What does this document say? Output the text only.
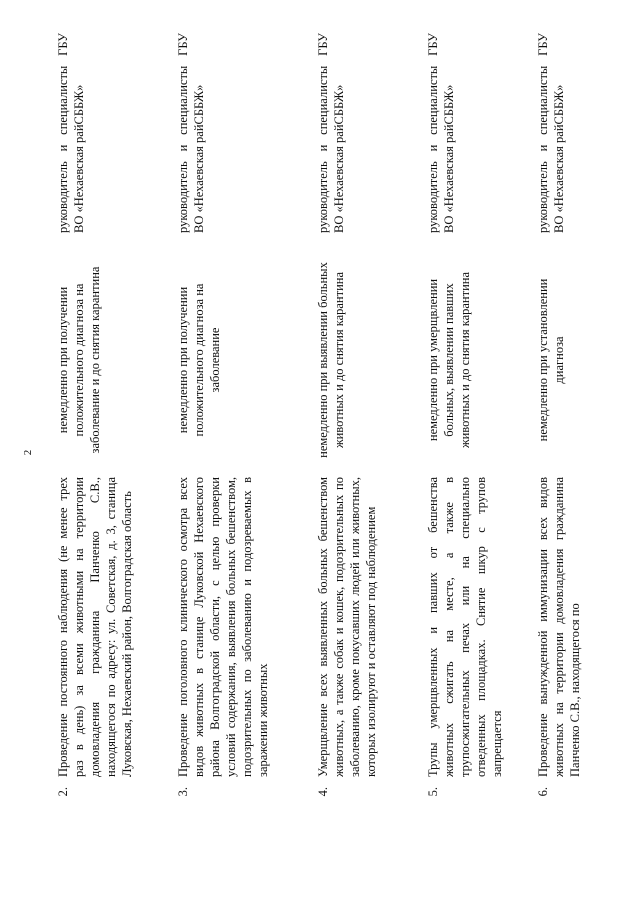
2
2.	Проведение постоянного наблюдения (не менее трех раз в день) за всеми животными на территории домовладения гражданина Панченко С.В., находящегося по адресу: ул. Советская, д. 3, станица Луковская, Нехаевский район, Волгоградская область	немедленно при получении положительного диагноза на заболевание и до снятия карантина	руководитель и специалисты ГБУ ВО «Нехаевская райСББЖ»
3.	Проведение поголовного клинического осмотра всех видов животных в станице Луковской Нехаевского района Волгоградской области, с целью проверки условий содержания, выявления больных бешенством, подозрительных по заболеванию и подозреваемых в заражении животных	немедленно при получении положительного диагноза на заболевание	руководитель и специалисты ГБУ ВО «Нехаевская райСББЖ»
4.	Умерщвление всех выявленных больных бешенством животных, а также собак и кошек, подозрительных по заболеванию, кроме покусавших людей или животных, которых изолируют и оставляют под наблюдением	немедленно при выявлении больных животных и до снятия карантина	руководитель и специалисты ГБУ ВО «Нехаевская райСББЖ»
5.	Трупы умерщвленных и павших от бешенства животных сжигать на месте, а также в трупосжигательных печах или на специально отведенных площадках. Снятие шкур с трупов запрещается	немедленно при умерщвлении больных, выявлении павших животных и до снятия карантина	руководитель и специалисты ГБУ ВО «Нехаевская райСББЖ»
6.	Проведение вынужденной иммунизации всех видов животных на территории домовладения гражданина Панченко С.В., находящегося по	немедленно при установлении диагноза	руководитель и специалисты ГБУ ВО «Нехаевская райСББЖ»
